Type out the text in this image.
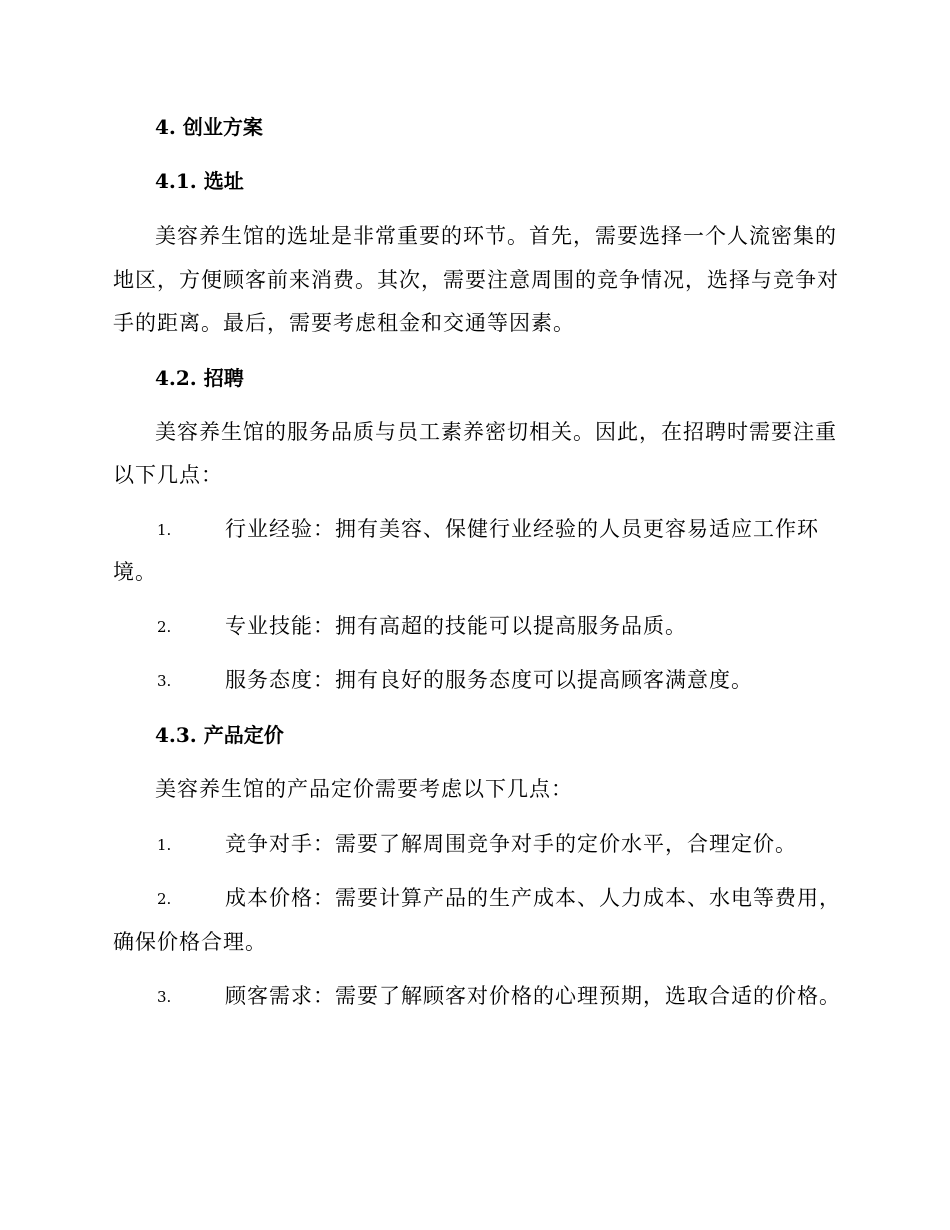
4. 创业方案
4.1. 选址
美容养生馆的选址是非常重要的环节。首先，需要选择一个人流密集的
地区，方便顾客前来消费。其次，需要注意周围的竞争情况，选择与竞争对
手的距离。最后，需要考虑租金和交通等因素。
4.2. 招聘
美容养生馆的服务品质与员工素养密切相关。因此，在招聘时需要注重
以下几点：
1.	行业经验：拥有美容、保健行业经验的人员更容易适应工作环
境。
2.	专业技能：拥有高超的技能可以提高服务品质。
3.	服务态度：拥有良好的服务态度可以提高顾客满意度。
4.3. 产品定价
美容养生馆的产品定价需要考虑以下几点：
1.	竞争对手：需要了解周围竞争对手的定价水平，合理定价。
2.	成本价格：需要计算产品的生产成本、人力成本、水电等费用，
确保价格合理。
3.	顾客需求：需要了解顾客对价格的心理预期，选取合适的价格。
